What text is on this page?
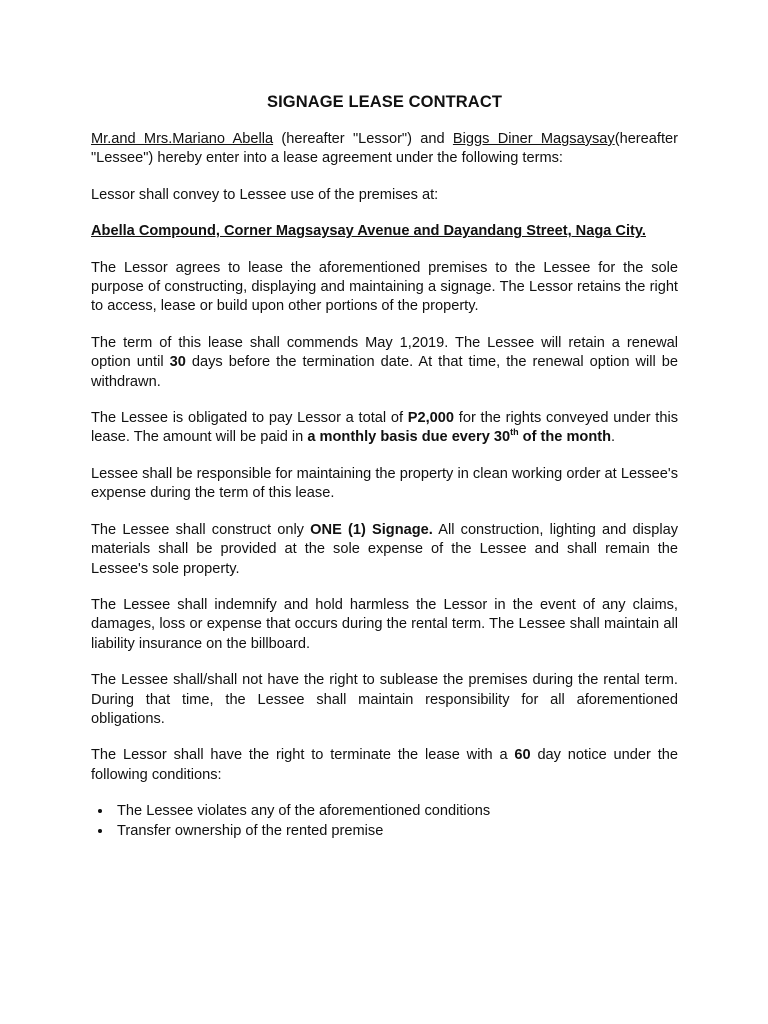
SIGNAGE LEASE CONTRACT

Mr.and Mrs.Mariano Abella (hereafter "Lessor") and Biggs Diner Magsaysay(hereafter "Lessee") hereby enter into a lease agreement under the following terms:

Lessor shall convey to Lessee use of the premises at:

Abella Compound, Corner Magsaysay Avenue and Dayandang Street, Naga City.

The Lessor agrees to lease the aforementioned premises to the Lessee for the sole purpose of constructing, displaying and maintaining a signage. The Lessor retains the right to access, lease or build upon other portions of the property.

The term of this lease shall commends May 1,2019. The Lessee will retain a renewal option until 30 days before the termination date. At that time, the renewal option will be withdrawn.

The Lessee is obligated to pay Lessor a total of P2,000 for the rights conveyed under this lease. The amount will be paid in a monthly basis due every 30th of the month.

Lessee shall be responsible for maintaining the property in clean working order at Lessee's expense during the term of this lease.

The Lessee shall construct only ONE (1) Signage. All construction, lighting and display materials shall be provided at the sole expense of the Lessee and shall remain the Lessee's sole property.

The Lessee shall indemnify and hold harmless the Lessor in the event of any claims, damages, loss or expense that occurs during the rental term. The Lessee shall maintain all liability insurance on the billboard.

The Lessee shall/shall not have the right to sublease the premises during the rental term. During that time, the Lessee shall maintain responsibility for all aforementioned obligations.

The Lessor shall have the right to terminate the lease with a 60 day notice under the following conditions:

• The Lessee violates any of the aforementioned conditions
• Transfer ownership of the rented premise
